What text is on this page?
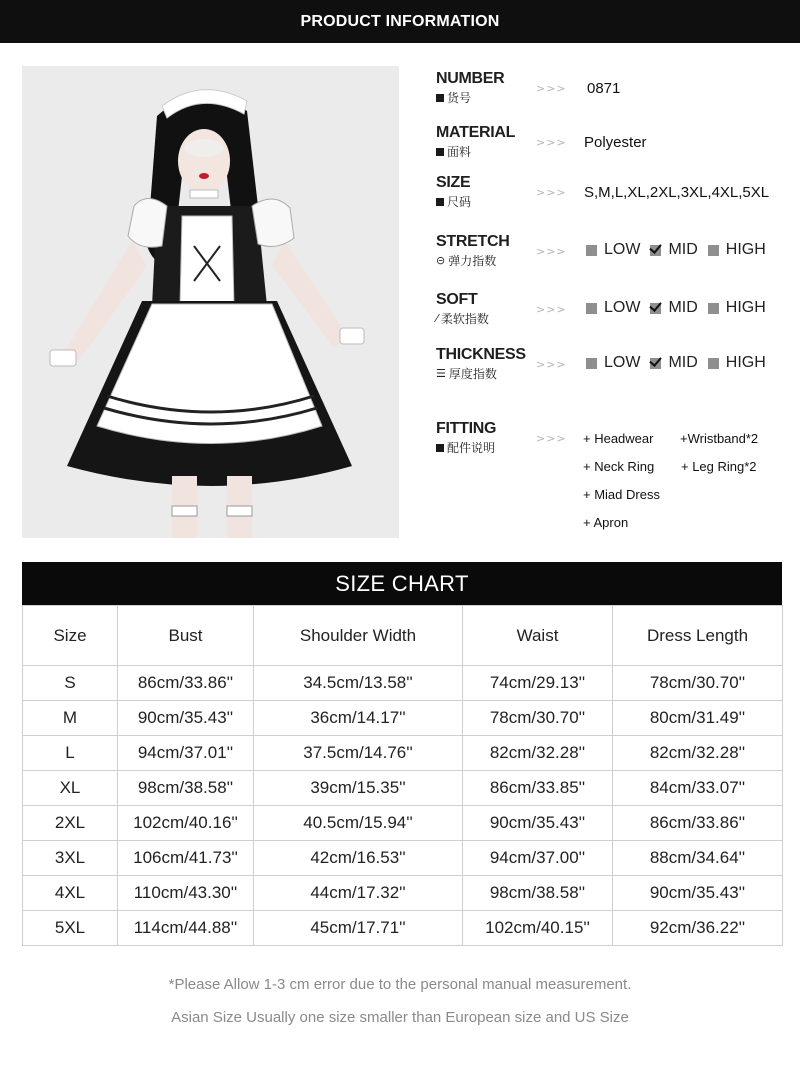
PRODUCT INFORMATION
NUMBER
货号
>>> 0871
MATERIAL
面料
>>> Polyester
SIZE
尺码
>>> S,M,L,XL,2XL,3XL,4XL,5XL
STRETCH
⊝ 弹力指数
>>> LOW MID HIGH
SOFT
⁄ 柔软指数
>>> LOW MID HIGH
THICKNESS
☰ 厚度指数
>>> LOW MID HIGH
FITTING
配件说明
>>> + Headwear +Wristband*2
+ Neck Ring + Leg Ring*2
+ Miad Dress
+ Apron
SIZE CHART
Size	Bust	Shoulder Width	Waist	Dress Length
S	86cm/33.86''	34.5cm/13.58''	74cm/29.13''	78cm/30.70''
M	90cm/35.43''	36cm/14.17''	78cm/30.70''	80cm/31.49''
L	94cm/37.01''	37.5cm/14.76''	82cm/32.28''	82cm/32.28''
XL	98cm/38.58''	39cm/15.35''	86cm/33.85''	84cm/33.07''
2XL	102cm/40.16''	40.5cm/15.94''	90cm/35.43''	86cm/33.86''
3XL	106cm/41.73''	42cm/16.53''	94cm/37.00''	88cm/34.64''
4XL	110cm/43.30''	44cm/17.32''	98cm/38.58''	90cm/35.43''
5XL	114cm/44.88''	45cm/17.71''	102cm/40.15''	92cm/36.22''
*Please Allow 1-3 cm error due to the personal manual measurement.
Asian Size Usually one size smaller than European size and US Size
